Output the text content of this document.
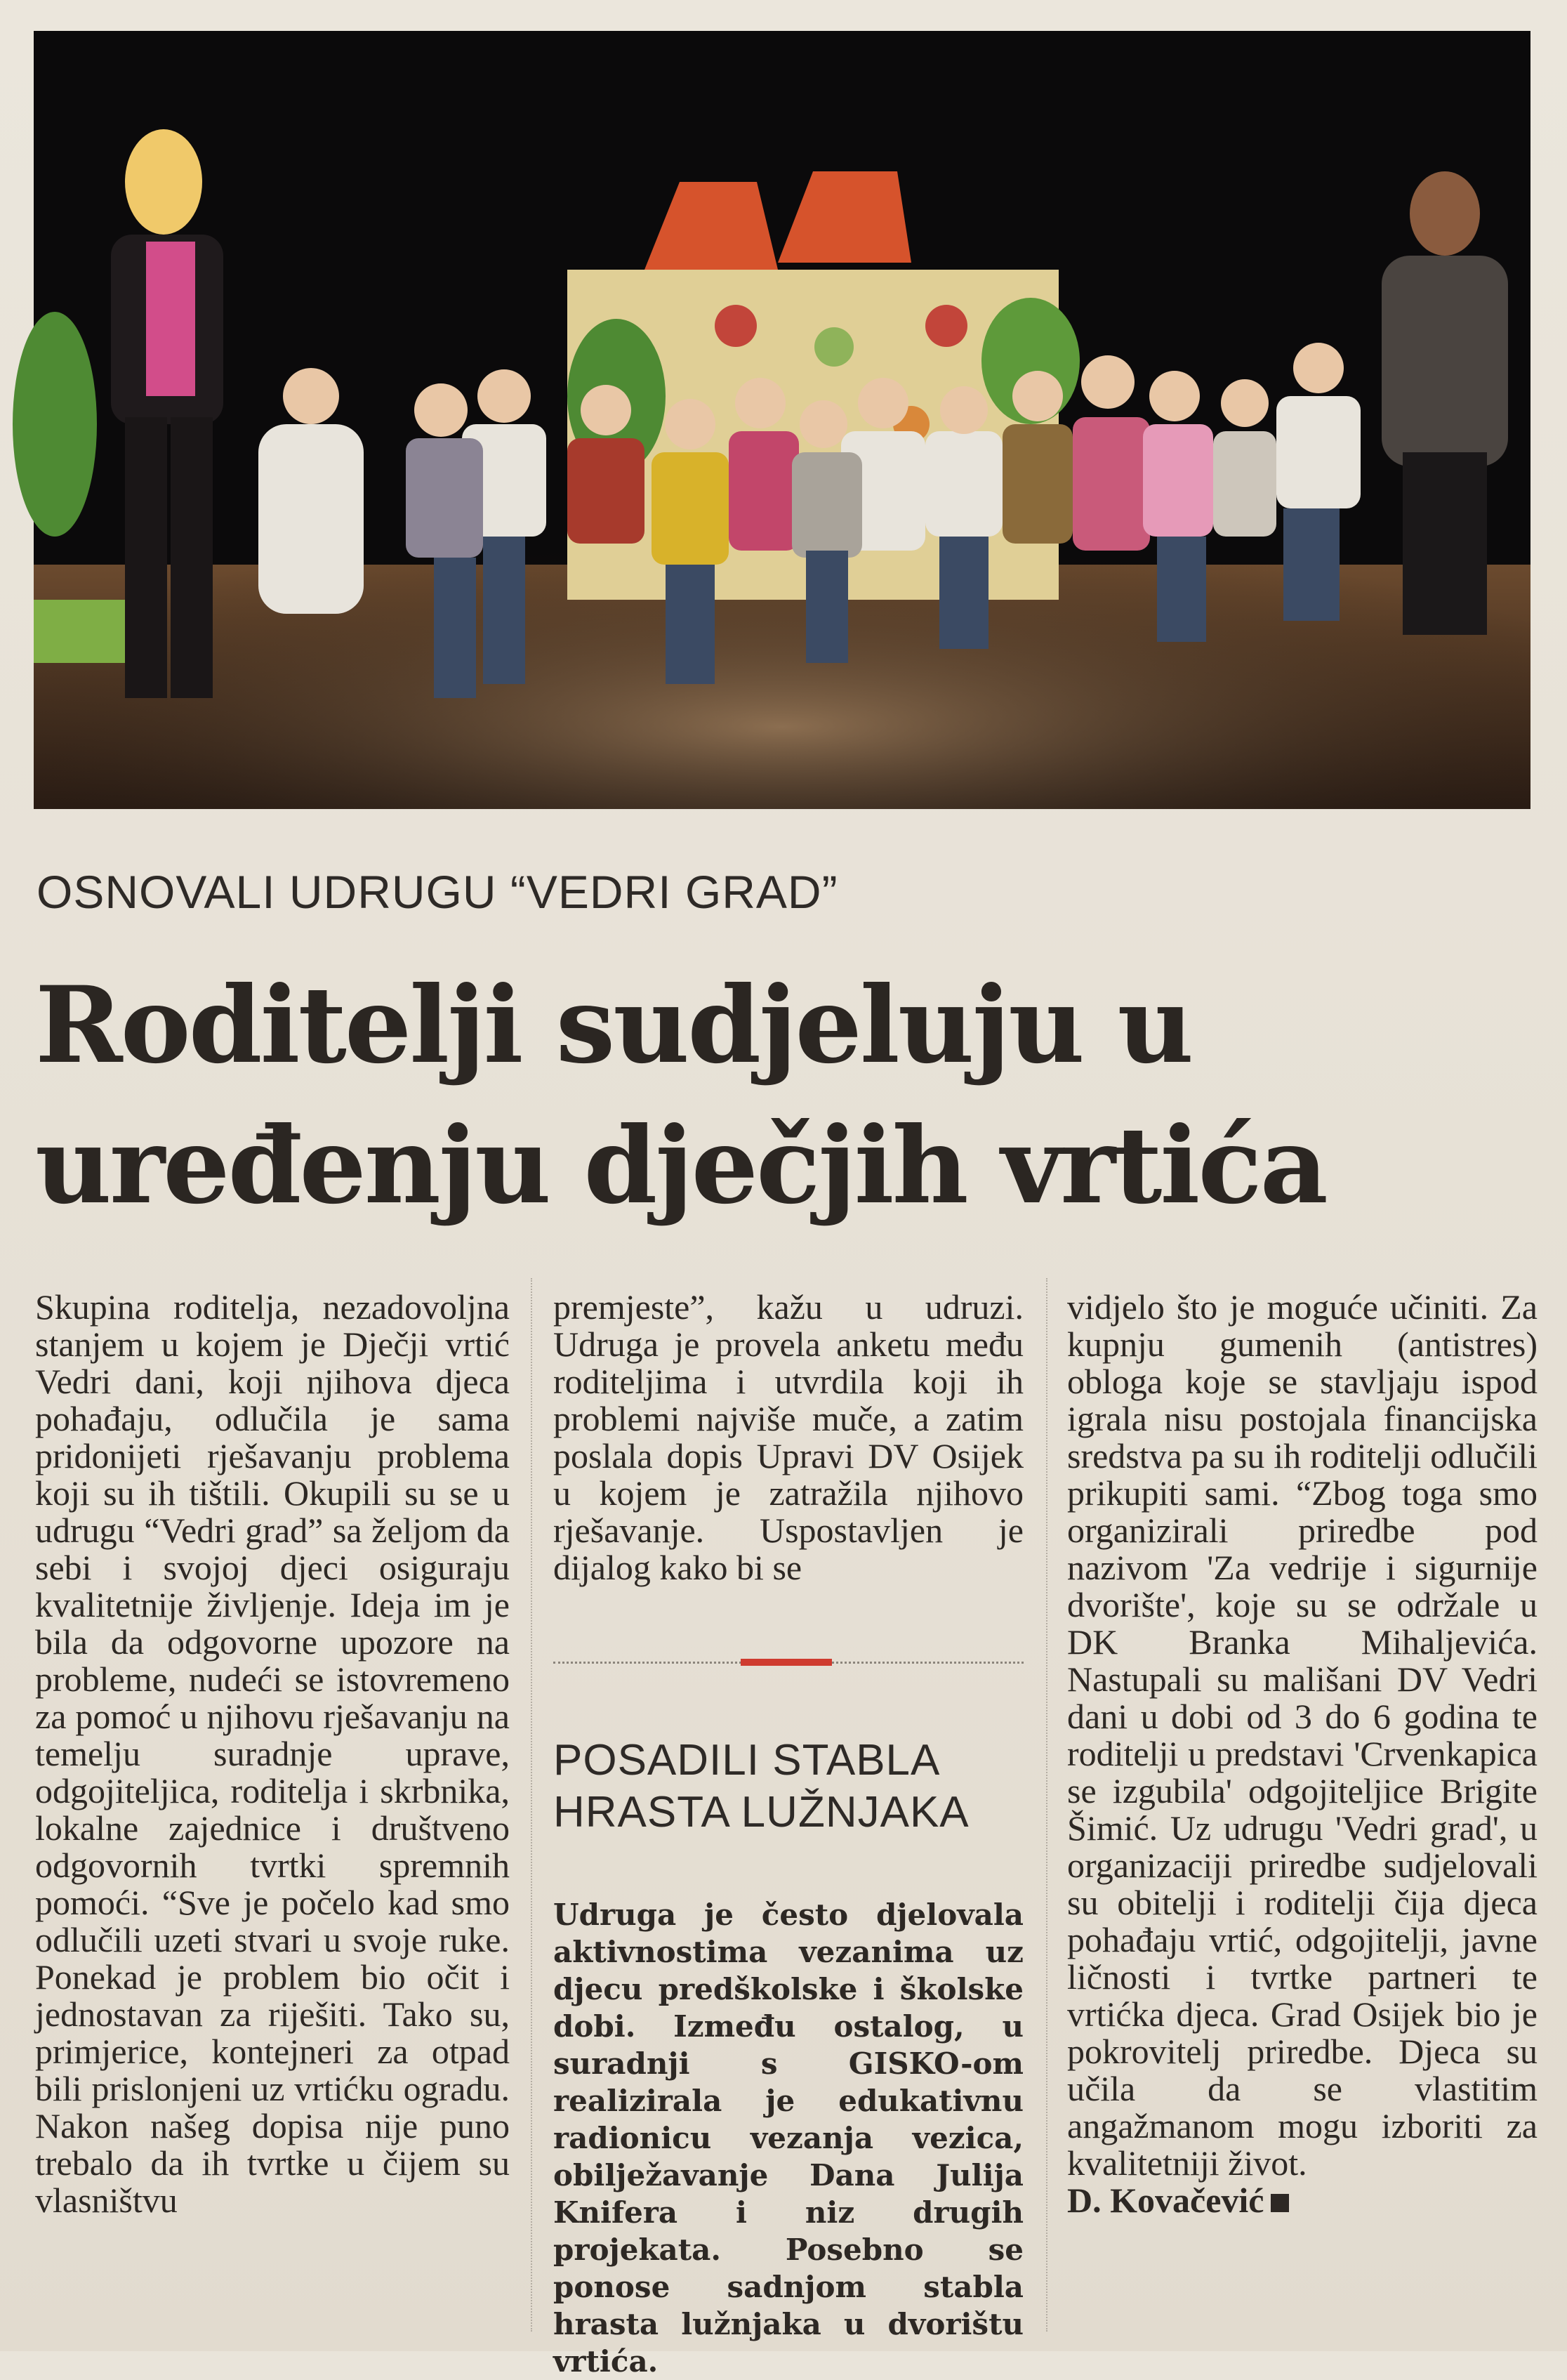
OSNOVALI UDRUGU “VEDRI GRAD”
Roditelji sudjeluju u uređenju dječjih vrtića

Skupina roditelja, nezadovoljna stanjem u kojem je Dječji vrtić Vedri dani, koji njihova djeca pohađaju, odlučila je sama pridonijeti rješavanju problema koji su ih tištili. Okupili su se u udrugu “Vedri grad” sa željom da sebi i svojoj djeci osiguraju kvalitetnije življenje. Ideja im je bila da odgovorne upozore na probleme, nudeći se istovremeno za pomoć u njihovu rješavanju na temelju suradnje uprave, odgojiteljica, roditelja i skrbnika, lokalne zajednice i društveno odgovornih tvrtki spremnih pomoći. “Sve je počelo kad smo odlučili uzeti stvari u svoje ruke. Ponekad je problem bio očit i jednostavan za riješiti. Tako su, primjerice, kontejneri za otpad bili prislonjeni uz vrtićku ogradu. Nakon našeg dopisa nije puno trebalo da ih tvrtke u čijem su vlasništvu

premjeste”, kažu u udruzi. Udruga je provela anketu među roditeljima i utvrdila koji ih problemi najviše muče, a zatim poslala dopis Upravi DV Osijek u kojem je zatražila njihovo rješavanje. Uspostavljen je dijalog kako bi se

POSADILI STABLA HRASTA LUŽNJAKA

Udruga je često djelovala aktivnostima vezanima uz djecu predškolske i školske dobi. Između ostalog, u suradnji s GISKO-om realizirala je edukativnu radionicu vezanja vezica, obilježavanje Dana Julija Knifera i niz drugih projekata. Posebno se ponose sadnjom stabla hrasta lužnjaka u dvorištu vrtića.

vidjelo što je moguće učiniti. Za kupnju gumenih (antistres) obloga koje se stavljaju ispod igrala nisu postojala financijska sredstva pa su ih roditelji odlučili prikupiti sami. “Zbog toga smo organizirali priredbe pod nazivom 'Za vedrije i sigurnije dvorište', koje su se održale u DK Branka Mihaljevića. Nastupali su mališani DV Vedri dani u dobi od 3 do 6 godina te roditelji u predstavi 'Crvenkapica se izgubila' odgojiteljice Brigite Šimić. Uz udrugu 'Vedri grad', u organizaciji priredbe sudjelovali su obitelji i roditelji čija djeca pohađaju vrtić, odgojitelji, javne ličnosti i tvrtke partneri te vrtićka djeca. Grad Osijek bio je pokrovitelj priredbe. Djeca su učila da se vlastitim angažmanom mogu izboriti za kvalitetniji život.

D. Kovačević
